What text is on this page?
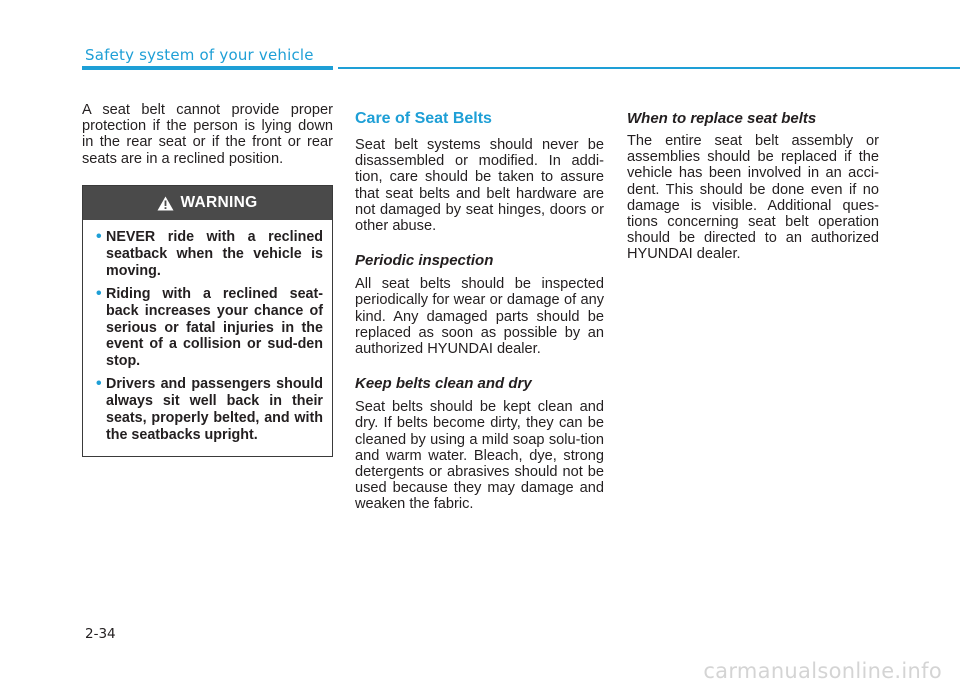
Safety system of your vehicle

A seat belt cannot provide proper protection if the person is lying down in the rear seat or if the front or rear seats are in a reclined position.

WARNING
• NEVER ride with a reclined seatback when the vehicle is moving.
• Riding with a reclined seat-back increases your chance of serious or fatal injuries in the event of a collision or sud-den stop.
• Drivers and passengers should always sit well back in their seats, properly belted, and with the seatbacks upright.
Care of Seat Belts

Seat belt systems should never be disassembled or modified. In addi-tion, care should be taken to assure that seat belts and belt hardware are not damaged by seat hinges, doors or other abuse.

Periodic inspection

All seat belts should be inspected periodically for wear or damage of any kind. Any damaged parts should be replaced as soon as possible by an authorized HYUNDAI dealer.

Keep belts clean and dry

Seat belts should be kept clean and dry. If belts become dirty, they can be cleaned by using a mild soap solu-tion and warm water. Bleach, dye, strong detergents or abrasives should not be used because they may damage and weaken the fabric.

When to replace seat belts

The entire seat belt assembly or assemblies should be replaced if the vehicle has been involved in an acci-dent. This should be done even if no damage is visible. Additional ques-tions concerning seat belt operation should be directed to an authorized HYUNDAI dealer.

2-34
carmanualsonline.info
